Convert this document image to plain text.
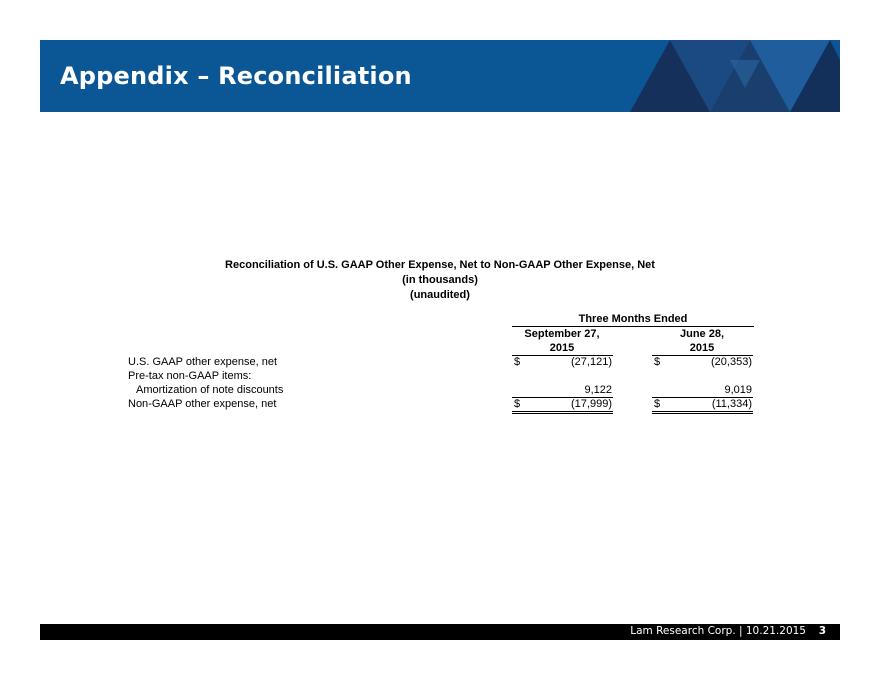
Appendix – Reconciliation
Reconciliation of U.S. GAAP Other Expense, Net to Non-GAAP Other Expense, Net
(in thousands)
(unaudited)
Three Months Ended
September 27,
2015
June 28,
2015
U.S. GAAP other expense, net	$	(27,121)	$	(20,353)
Pre-tax non-GAAP items:
Amortization of note discounts	9,122	9,019
Non-GAAP other expense, net	$	(17,999)	$	(11,334)
Lam Research Corp. | 10.21.2015 3
